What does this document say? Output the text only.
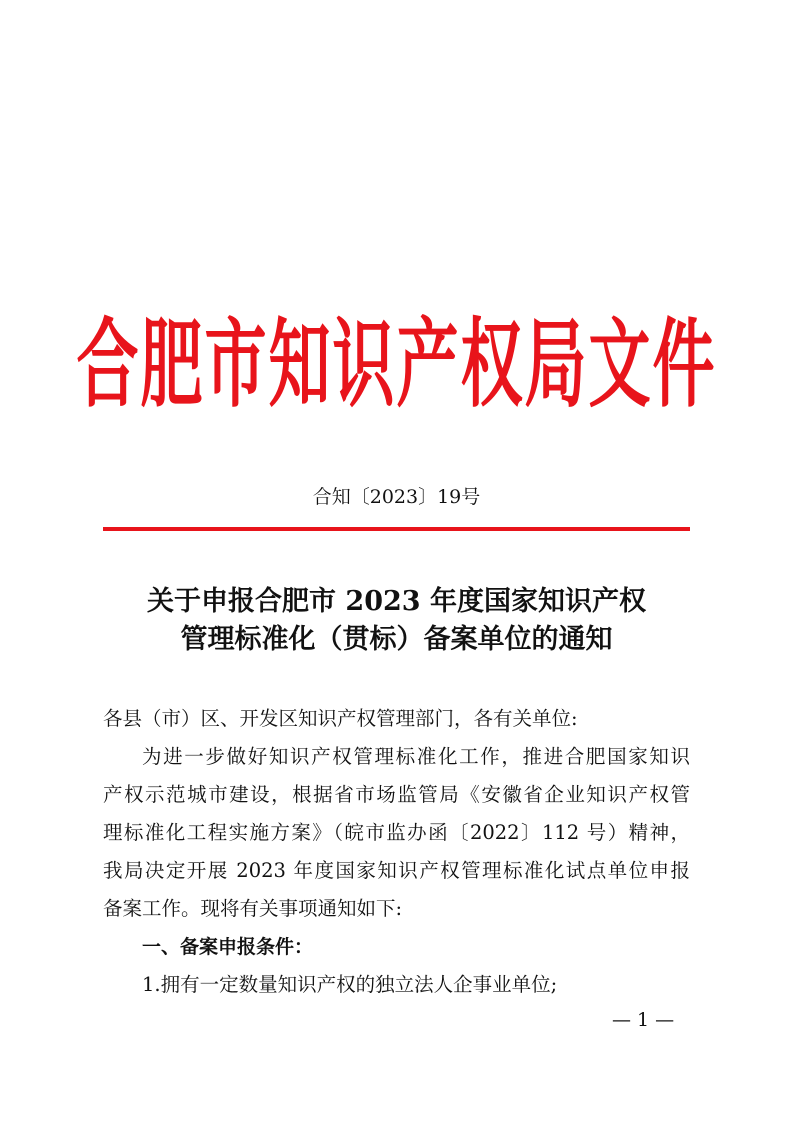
合肥市知识产权局文件
合知〔2023〕19号
关于申报合肥市 2023 年度国家知识产权
管理标准化（贯标）备案单位的通知
各县（市）区、开发区知识产权管理部门，各有关单位:
为进一步做好知识产权管理标准化工作，推进合肥国家知识
产权示范城市建设，根据省市场监管局《安徽省企业知识产权管
理标准化工程实施方案》（皖市监办函〔2022〕112 号）精神，
我局决定开展 2023 年度国家知识产权管理标准化试点单位申报
备案工作。现将有关事项通知如下:
一、备案申报条件：
1.拥有一定数量知识产权的独立法人企事业单位;
— 1 —
